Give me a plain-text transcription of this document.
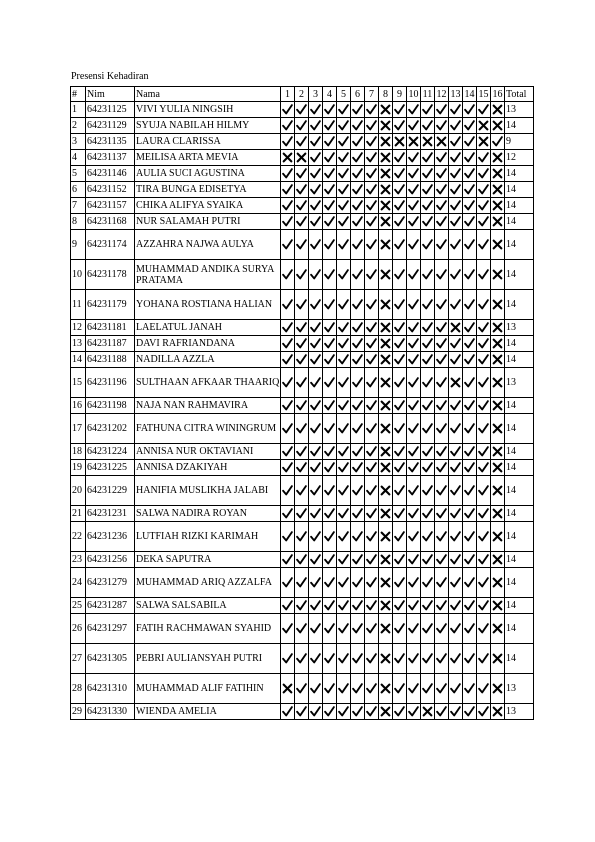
Presensi Kehadiran
#	Nim	Nama	1	2	3	4	5	6	7	8	9	10	11	12	13	14	15	16	Total
1	64231125	VIVI YULIA NINGSIH																	13
2	64231129	SYUJA NABILAH HILMY																	14
3	64231135	LAURA CLARISSA																	9
4	64231137	MEILISA ARTA MEVIA																	12
5	64231146	AULIA SUCI AGUSTINA																	14
6	64231152	TIRA BUNGA EDISETYA																	14
7	64231157	CHIKA ALIFYA SYAIKA																	14
8	64231168	NUR SALAMAH PUTRI																	14
9	64231174	AZZAHRA NAJWA AULYA																	14
10	64231178	MUHAMMAD ANDIKA SURYA PRATAMA																	14
11	64231179	YOHANA ROSTIANA HALIAN																	14
12	64231181	LAELATUL JANAH																	13
13	64231187	DAVI RAFRIANDANA																	14
14	64231188	NADILLA AZZLA																	14
15	64231196	SULTHAAN AFKAAR THAARIQ																	13
16	64231198	NAJA NAN RAHMAVIRA																	14
17	64231202	FATHUNA CITRA WININGRUM																	14
18	64231224	ANNISA NUR OKTAVIANI																	14
19	64231225	ANNISA DZAKIYAH																	14
20	64231229	HANIFIA MUSLIKHA JALABI																	14
21	64231231	SALWA NADIRA ROYAN																	14
22	64231236	LUTFIAH RIZKI KARIMAH																	14
23	64231256	DEKA SAPUTRA																	14
24	64231279	MUHAMMAD ARIQ AZZALFA																	14
25	64231287	SALWA SALSABILA																	14
26	64231297	FATIH RACHMAWAN SYAHID																	14
27	64231305	PEBRI AULIANSYAH PUTRI																	14
28	64231310	MUHAMMAD ALIF FATIHIN																	13
29	64231330	WIENDA AMELIA																	13
